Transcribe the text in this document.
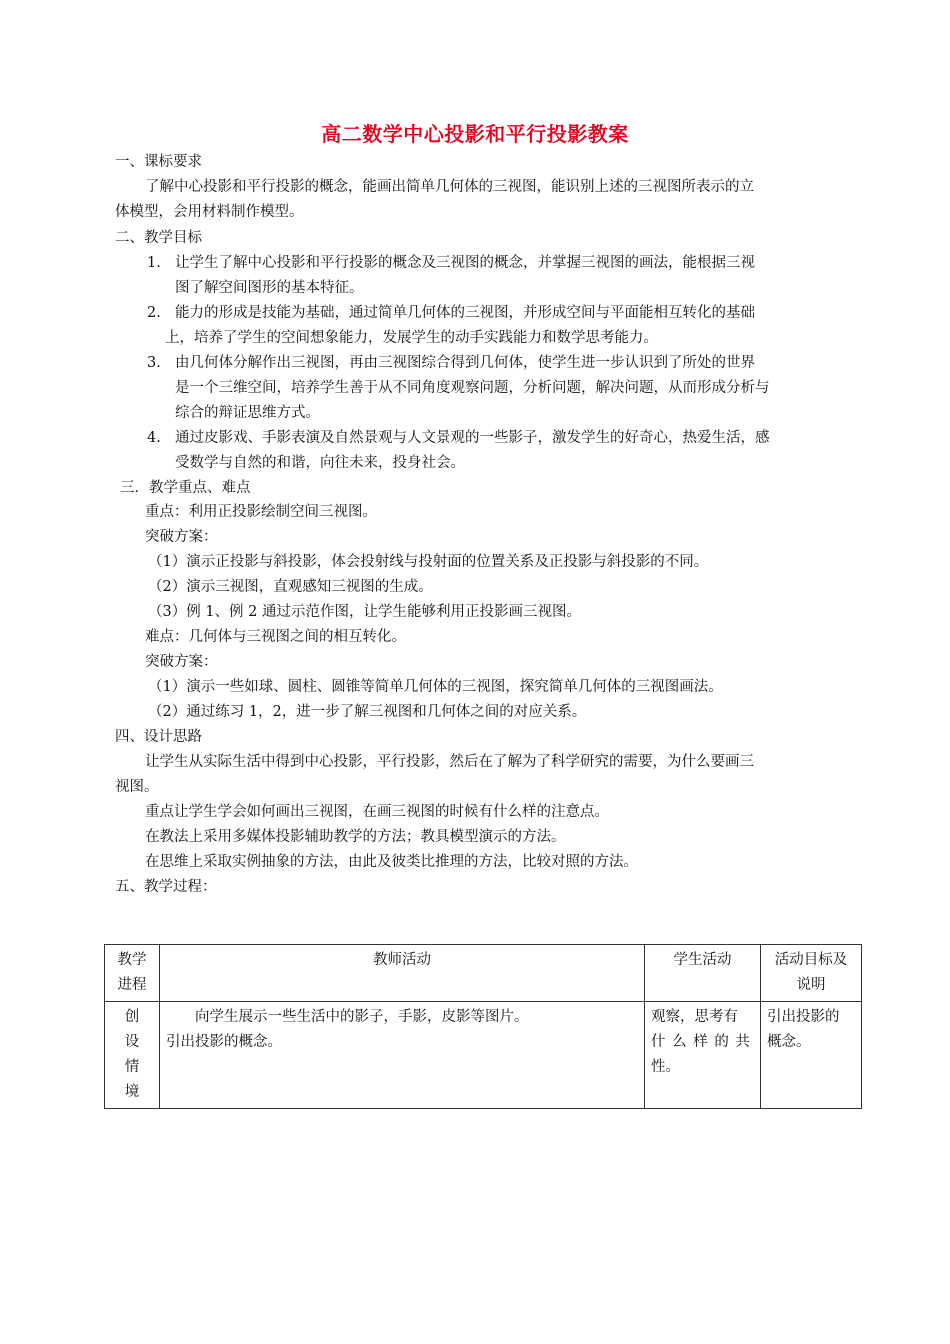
高二数学中心投影和平行投影教案
一、课标要求
了解中心投影和平行投影的概念，能画出简单几何体的三视图，能识别上述的三视图所表示的立
体模型，会用材料制作模型。
二、教学目标
1. 让学生了解中心投影和平行投影的概念及三视图的概念，并掌握三视图的画法，能根据三视
图了解空间图形的基本特征。
2. 能力的形成是技能为基础，通过简单几何体的三视图，并形成空间与平面能相互转化的基础
上，培养了学生的空间想象能力，发展学生的动手实践能力和数学思考能力。
3. 由几何体分解作出三视图，再由三视图综合得到几何体，使学生进一步认识到了所处的世界
是一个三维空间，培养学生善于从不同角度观察问题，分析问题，解决问题，从而形成分析与
综合的辩证思维方式。
4. 通过皮影戏、手影表演及自然景观与人文景观的一些影子，激发学生的好奇心，热爱生活，感
受数学与自然的和谐，向往未来，投身社会。
三．教学重点、难点
重点：利用正投影绘制空间三视图。
突破方案：
（1）演示正投影与斜投影，体会投射线与投射面的位置关系及正投影与斜投影的不同。
（2）演示三视图，直观感知三视图的生成。
（3）例 1、例 2 通过示范作图，让学生能够利用正投影画三视图。
难点：几何体与三视图之间的相互转化。
突破方案：
（1）演示一些如球、圆柱、圆锥等简单几何体的三视图，探究简单几何体的三视图画法。
（2）通过练习 1，2，进一步了解三视图和几何体之间的对应关系。
四、设计思路
让学生从实际生活中得到中心投影，平行投影，然后在了解为了科学研究的需要，为什么要画三
视图。
重点让学生学会如何画出三视图，在画三视图的时候有什么样的注意点。
在教法上采用多媒体投影辅助教学的方法；教具模型演示的方法。
在思维上采取实例抽象的方法，由此及彼类比推理的方法，比较对照的方法。
五、教学过程：
教学
进程	教师活动	学生活动	活动目标及
说明

创
设
情
境	向学生展示一些生活中的影子，手影，皮影等图片。
引出投影的概念。	观察，思考有
什 么 样 的 共
性。	引出投影的
概念。
